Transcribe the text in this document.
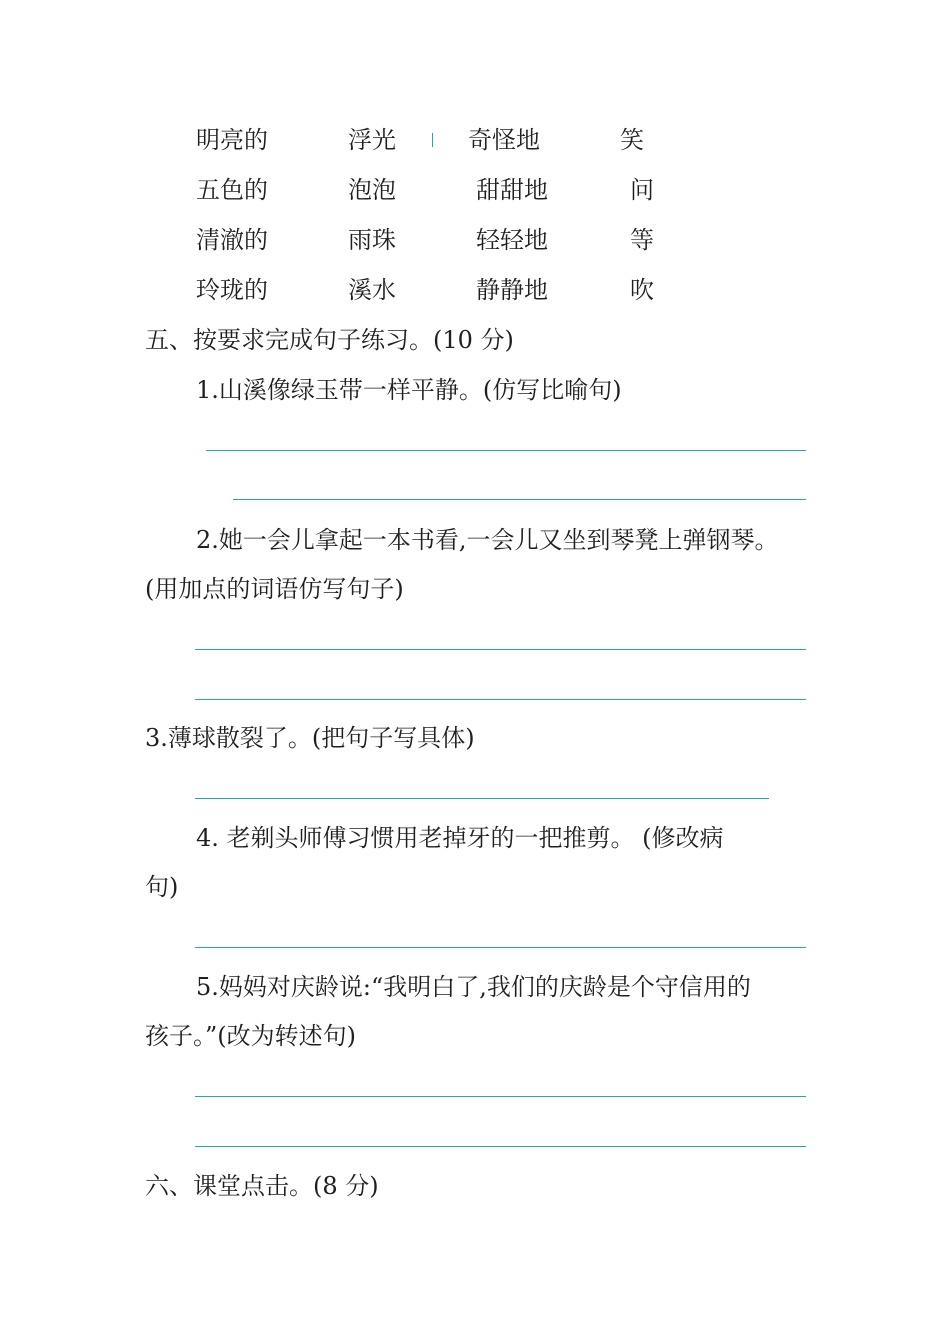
明亮的	浮光	奇怪地	笑
五色的	泡泡	甜甜地	问
清澈的	雨珠	轻轻地	等
玲珑的	溪水	静静地	吹
五、按要求完成句子练习。(10 分)
1.山溪像绿玉带一样平静。(仿写比喻句)
2.她一会儿拿起一本书看,一会儿又坐到琴凳上弹钢琴。
(用加点的词语仿写句子)
3.薄球散裂了。(把句子写具体)
4. 老剃头师傅习惯用老掉牙的一把推剪。 (修改病
句)
5.妈妈对庆龄说:“我明白了,我们的庆龄是个守信用的
孩子。”(改为转述句)
六、课堂点击。(8 分)
